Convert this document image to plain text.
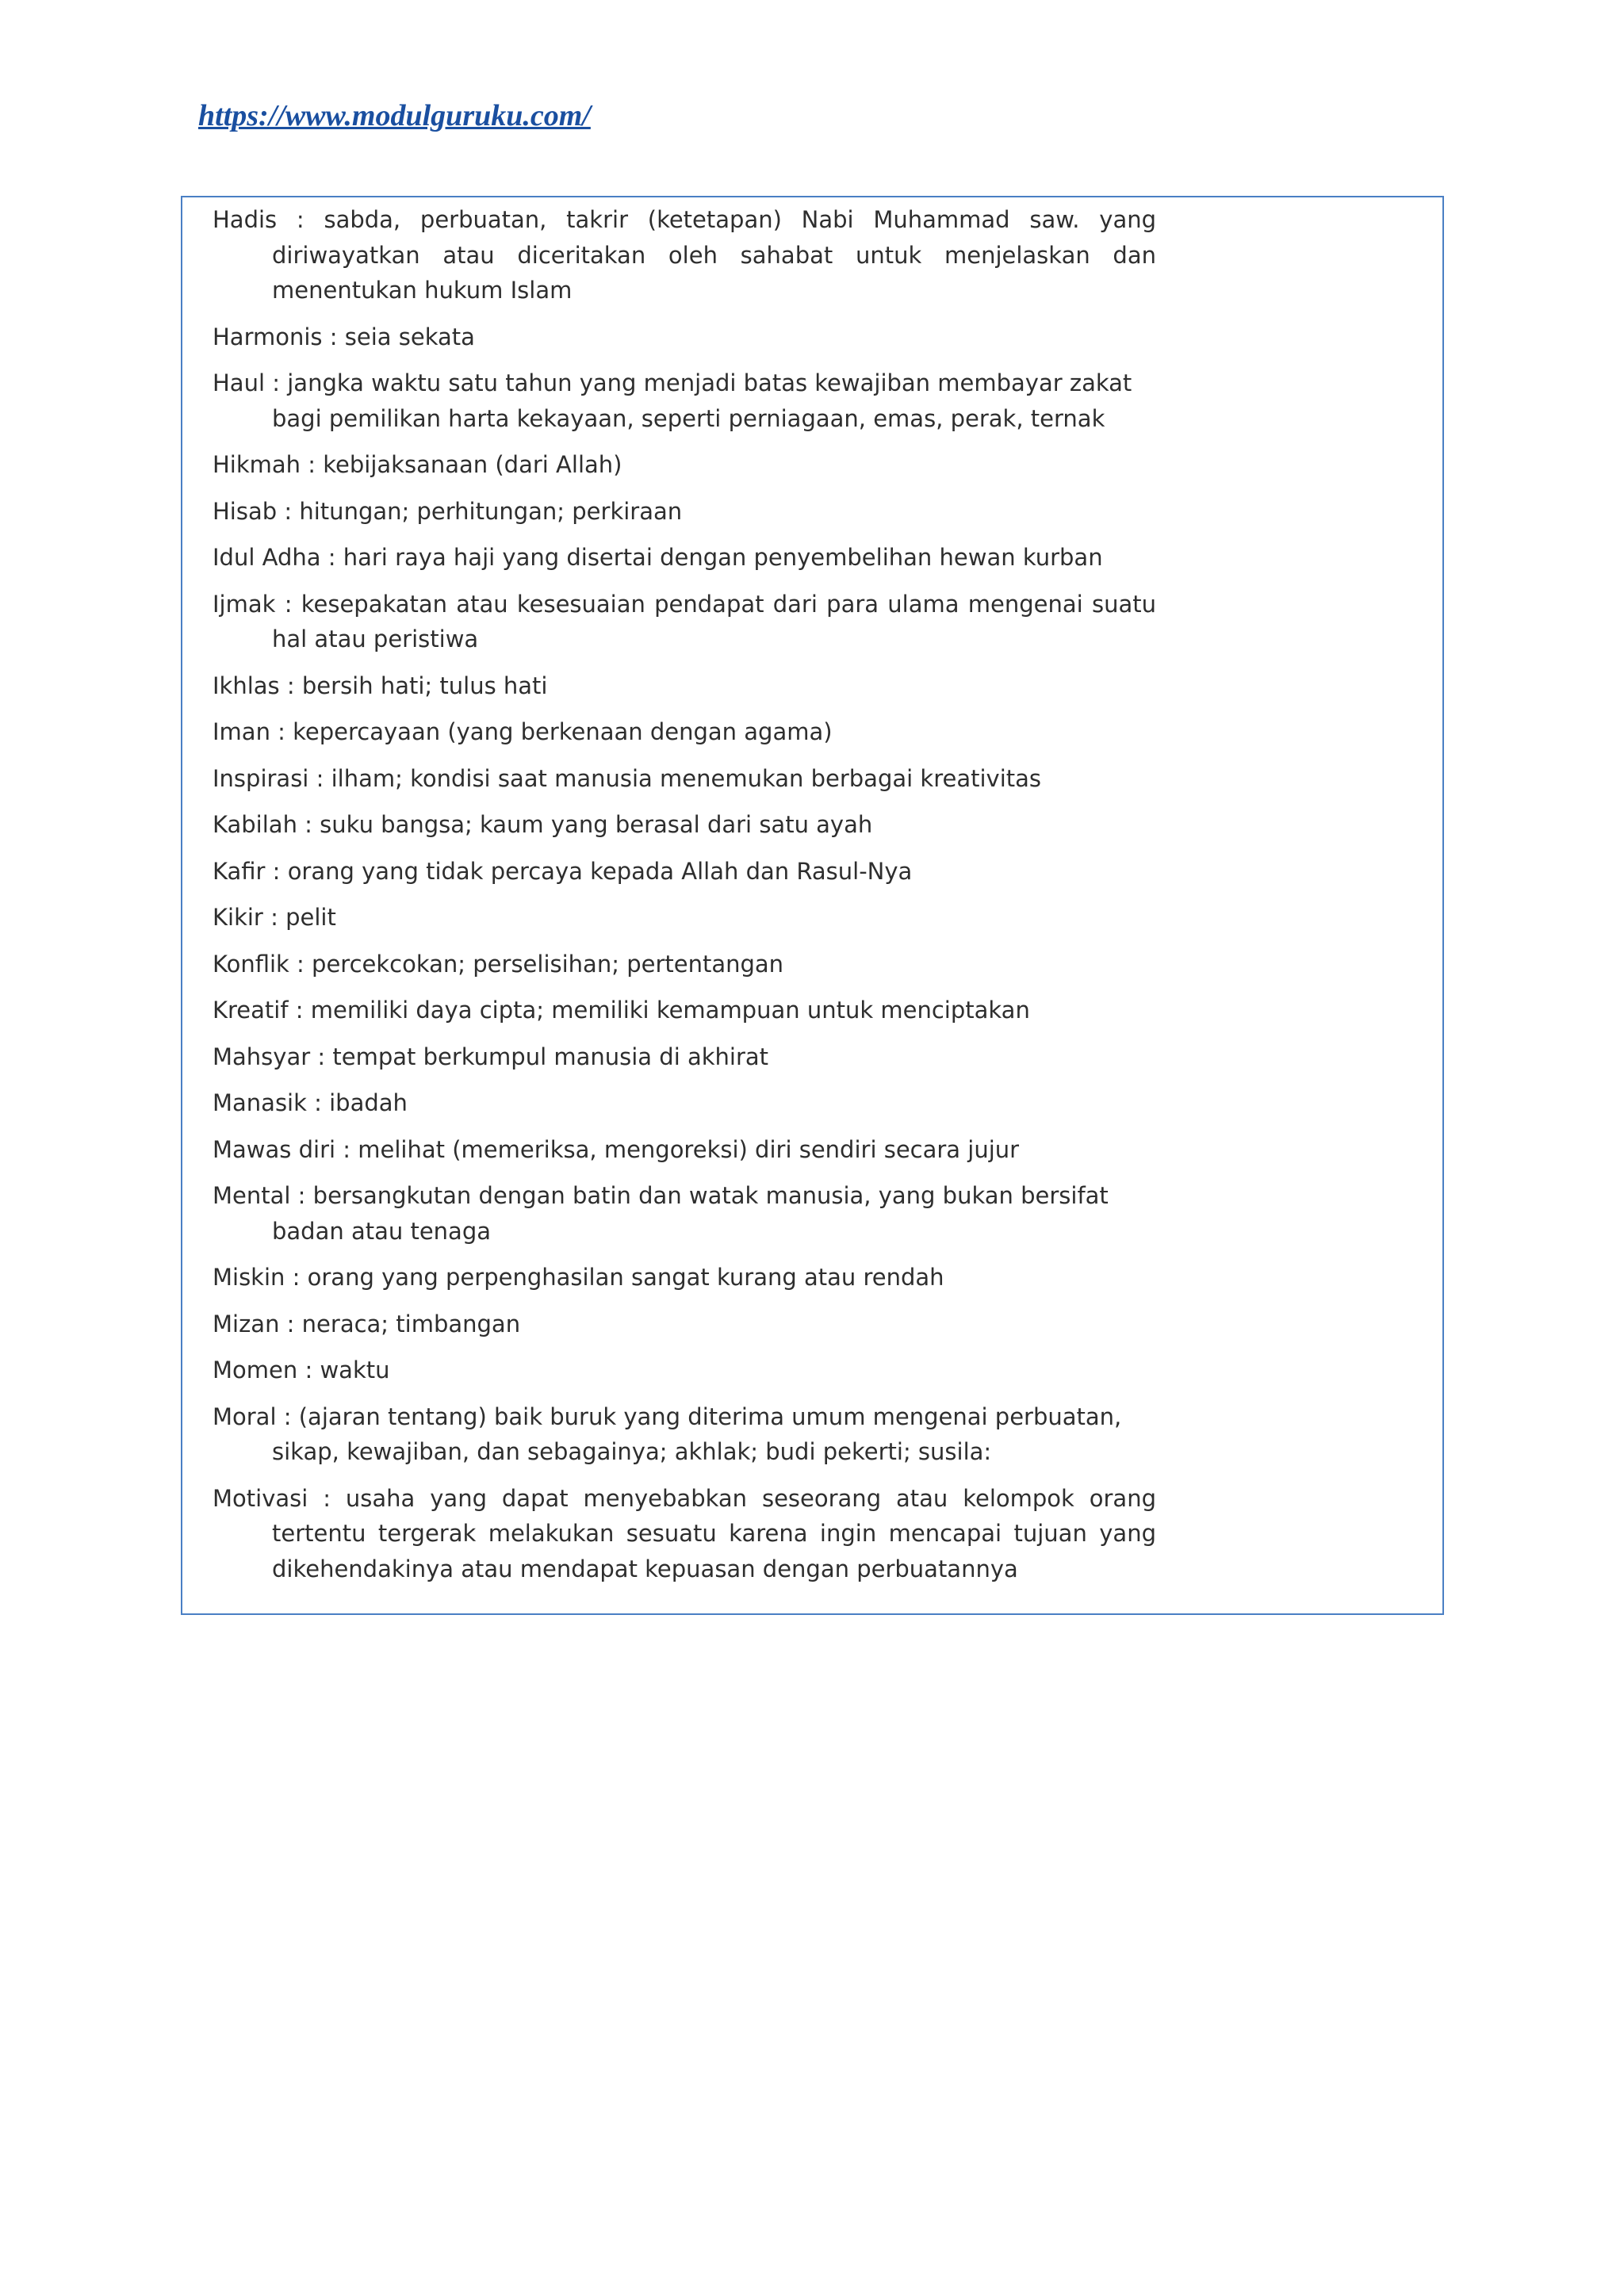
https://www.modulguruku.com/
Hadis : sabda, perbuatan, takrir (ketetapan) Nabi Muhammad saw. yang diriwayatkan atau diceritakan oleh sahabat untuk menjelaskan dan menentukan hukum Islam
Harmonis : seia sekata
Haul : jangka waktu satu tahun yang menjadi batas kewajiban membayar zakat bagi pemilikan harta kekayaan, seperti perniagaan, emas, perak, ternak
Hikmah : kebijaksanaan (dari Allah)
Hisab : hitungan; perhitungan; perkiraan
Idul Adha : hari raya haji yang disertai dengan penyembelihan hewan kurban
Ijmak : kesepakatan atau kesesuaian pendapat dari para ulama mengenai suatu hal atau peristiwa
Ikhlas : bersih hati; tulus hati
Iman : kepercayaan (yang berkenaan dengan agama)
Inspirasi : ilham; kondisi saat manusia menemukan berbagai kreativitas
Kabilah : suku bangsa; kaum yang berasal dari satu ayah
Kafir : orang yang tidak percaya kepada Allah dan Rasul-Nya
Kikir : pelit
Konflik : percekcokan; perselisihan; pertentangan
Kreatif : memiliki daya cipta; memiliki kemampuan untuk menciptakan
Mahsyar : tempat berkumpul manusia di akhirat
Manasik : ibadah
Mawas diri : melihat (memeriksa, mengoreksi) diri sendiri secara jujur
Mental : bersangkutan dengan batin dan watak manusia, yang bukan bersifat badan atau tenaga
Miskin : orang yang perpenghasilan sangat kurang atau rendah
Mizan : neraca; timbangan
Momen : waktu
Moral : (ajaran tentang) baik buruk yang diterima umum mengenai perbuatan, sikap, kewajiban, dan sebagainya; akhlak; budi pekerti; susila:
Motivasi : usaha yang dapat menyebabkan seseorang atau kelompok orang tertentu tergerak melakukan sesuatu karena ingin mencapai tujuan yang dikehendakinya atau mendapat kepuasan dengan perbuatannya
